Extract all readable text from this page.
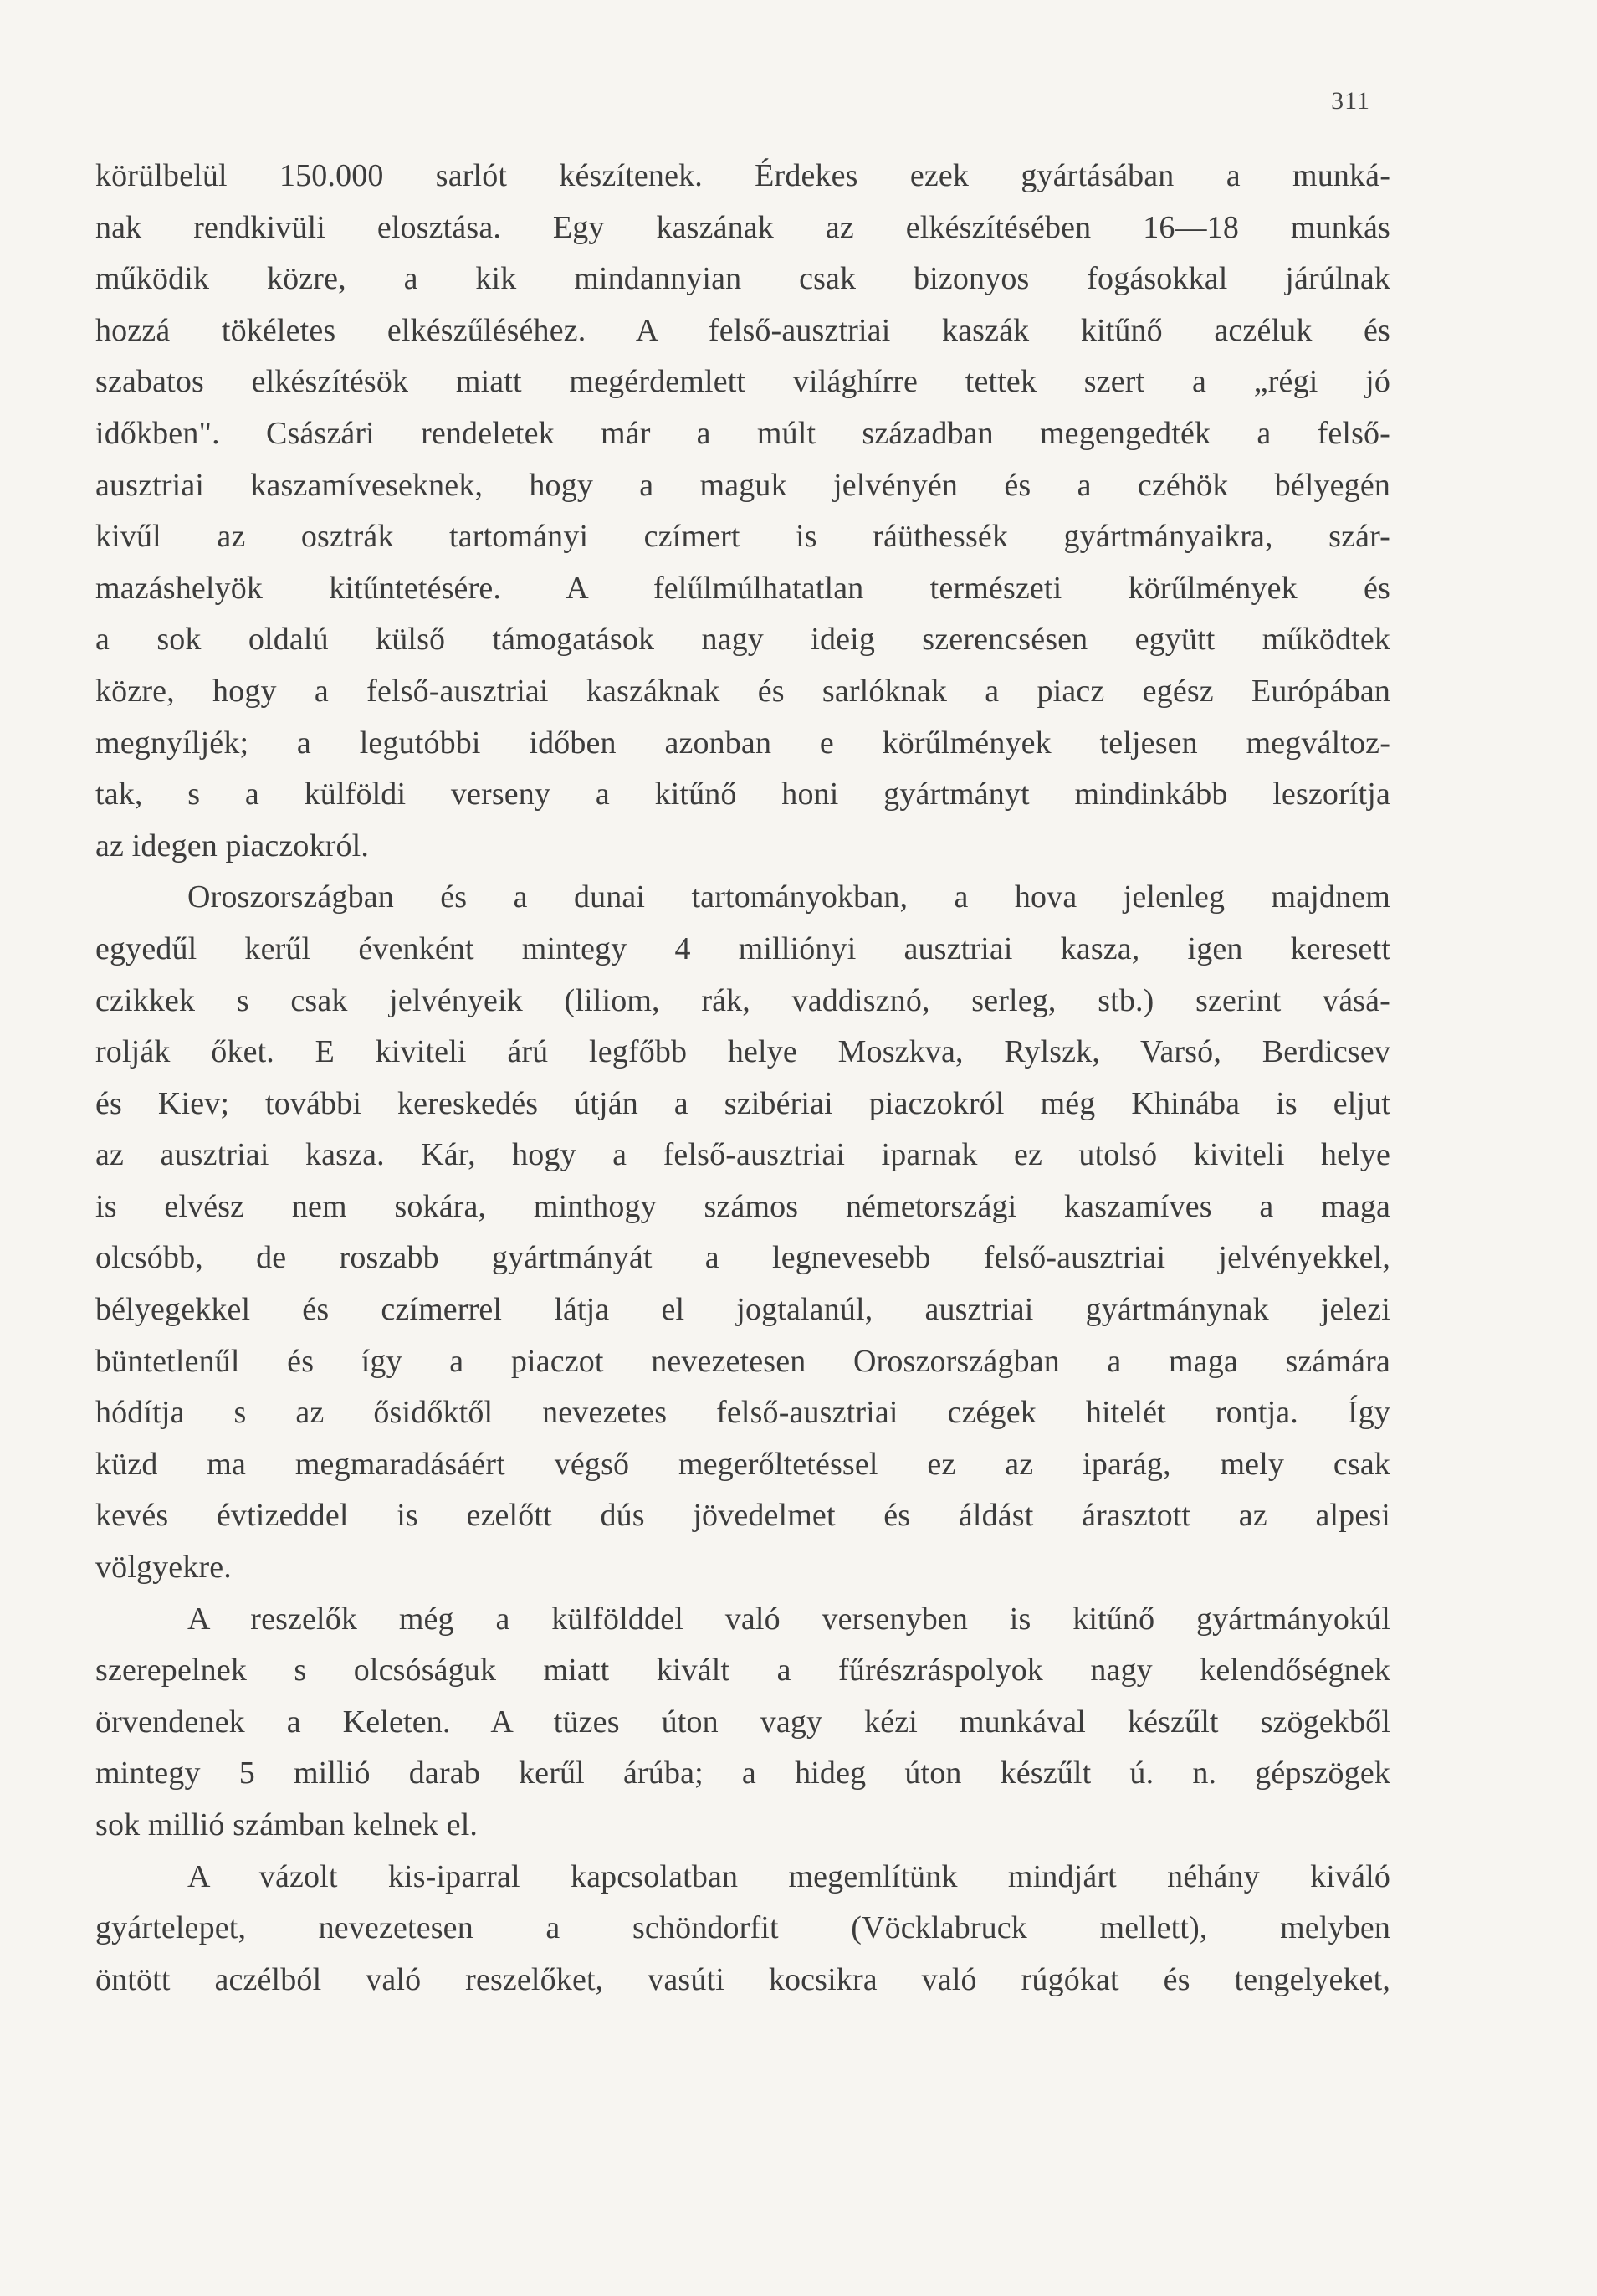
311
körülbelül 150.000 sarlót készítenek. Érdekes ezek gyártásában a munká-
nak rendkivüli elosztása. Egy kaszának az elkészítésében 16—18 munkás
működik közre, a kik mindannyian csak bizonyos fogásokkal járúlnak
hozzá tökéletes elkészűléséhez. A felső-ausztriai kaszák kitűnő aczéluk és
szabatos elkészítésök miatt megérdemlett világhírre tettek szert a „régi jó
időkben". Császári rendeletek már a múlt században megengedték a felső-
ausztriai kaszamíveseknek, hogy a maguk jelvényén és a czéhök bélyegén
kivűl az osztrák tartományi czímert is ráüthessék gyártmányaikra, szár-
mazáshelyök kitűntetésére. A felűlmúlhatatlan természeti körűlmények és
a sok oldalú külső támogatások nagy ideig szerencsésen együtt működtek
közre, hogy a felső-ausztriai kaszáknak és sarlóknak a piacz egész Európában
megnyíljék; a legutóbbi időben azonban e körűlmények teljesen megváltoz-
tak, s a külföldi verseny a kitűnő honi gyártmányt mindinkább leszorítja
az idegen piaczokról.
Oroszországban és a dunai tartományokban, a hova jelenleg majdnem
egyedűl kerűl évenként mintegy 4 milliónyi ausztriai kasza, igen keresett
czikkek s csak jelvényeik (liliom, rák, vaddisznó, serleg, stb.) szerint vásá-
rolják őket. E kiviteli árú legfőbb helye Moszkva, Rylszk, Varsó, Berdicsev
és Kiev; további kereskedés útján a szibériai piaczokról még Khinába is eljut
az ausztriai kasza. Kár, hogy a felső-ausztriai iparnak ez utolsó kiviteli helye
is elvész nem sokára, minthogy számos németországi kaszamíves a maga
olcsóbb, de roszabb gyártmányát a legnevesebb felső-ausztriai jelvényekkel,
bélyegekkel és czímerrel látja el jogtalanúl, ausztriai gyártmánynak jelezi
büntetlenűl és így a piaczot nevezetesen Oroszországban a maga számára
hódítja s az ősidőktől nevezetes felső-ausztriai czégek hitelét rontja. Így
küzd ma megmaradásáért végső megerőltetéssel ez az iparág, mely csak
kevés évtizeddel is ezelőtt dús jövedelmet és áldást árasztott az alpesi
völgyekre.
A reszelők még a külfölddel való versenyben is kitűnő gyártmányokúl
szerepelnek s olcsóságuk miatt kivált a fűrészráspolyok nagy kelendőségnek
örvendenek a Keleten. A tüzes úton vagy kézi munkával készűlt szögekből
mintegy 5 millió darab kerűl árúba; a hideg úton készűlt ú. n. gépszögek
sok millió számban kelnek el.
A vázolt kis-iparral kapcsolatban megemlítünk mindjárt néhány kiváló
gyártelepet, nevezetesen a schöndorfit (Vöcklabruck mellett), melyben
öntött aczélból való reszelőket, vasúti kocsikra való rúgókat és tengelyeket,
